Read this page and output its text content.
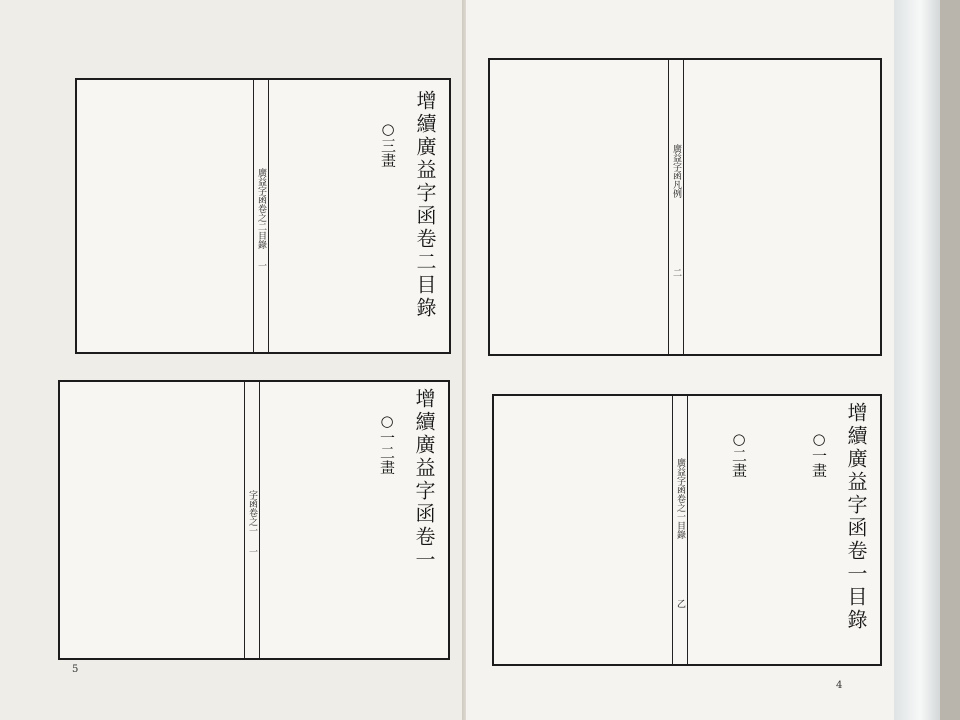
增續廣益字函卷二目錄
○三畫
廣益字函卷之二目錄
一
增續廣益字函卷一
○一二畫
字函卷之一
一
5
廣益字函凡例
二
增續廣益字函卷一目錄
○一畫
○二畫
廣益字函卷之一目錄
乙
4
